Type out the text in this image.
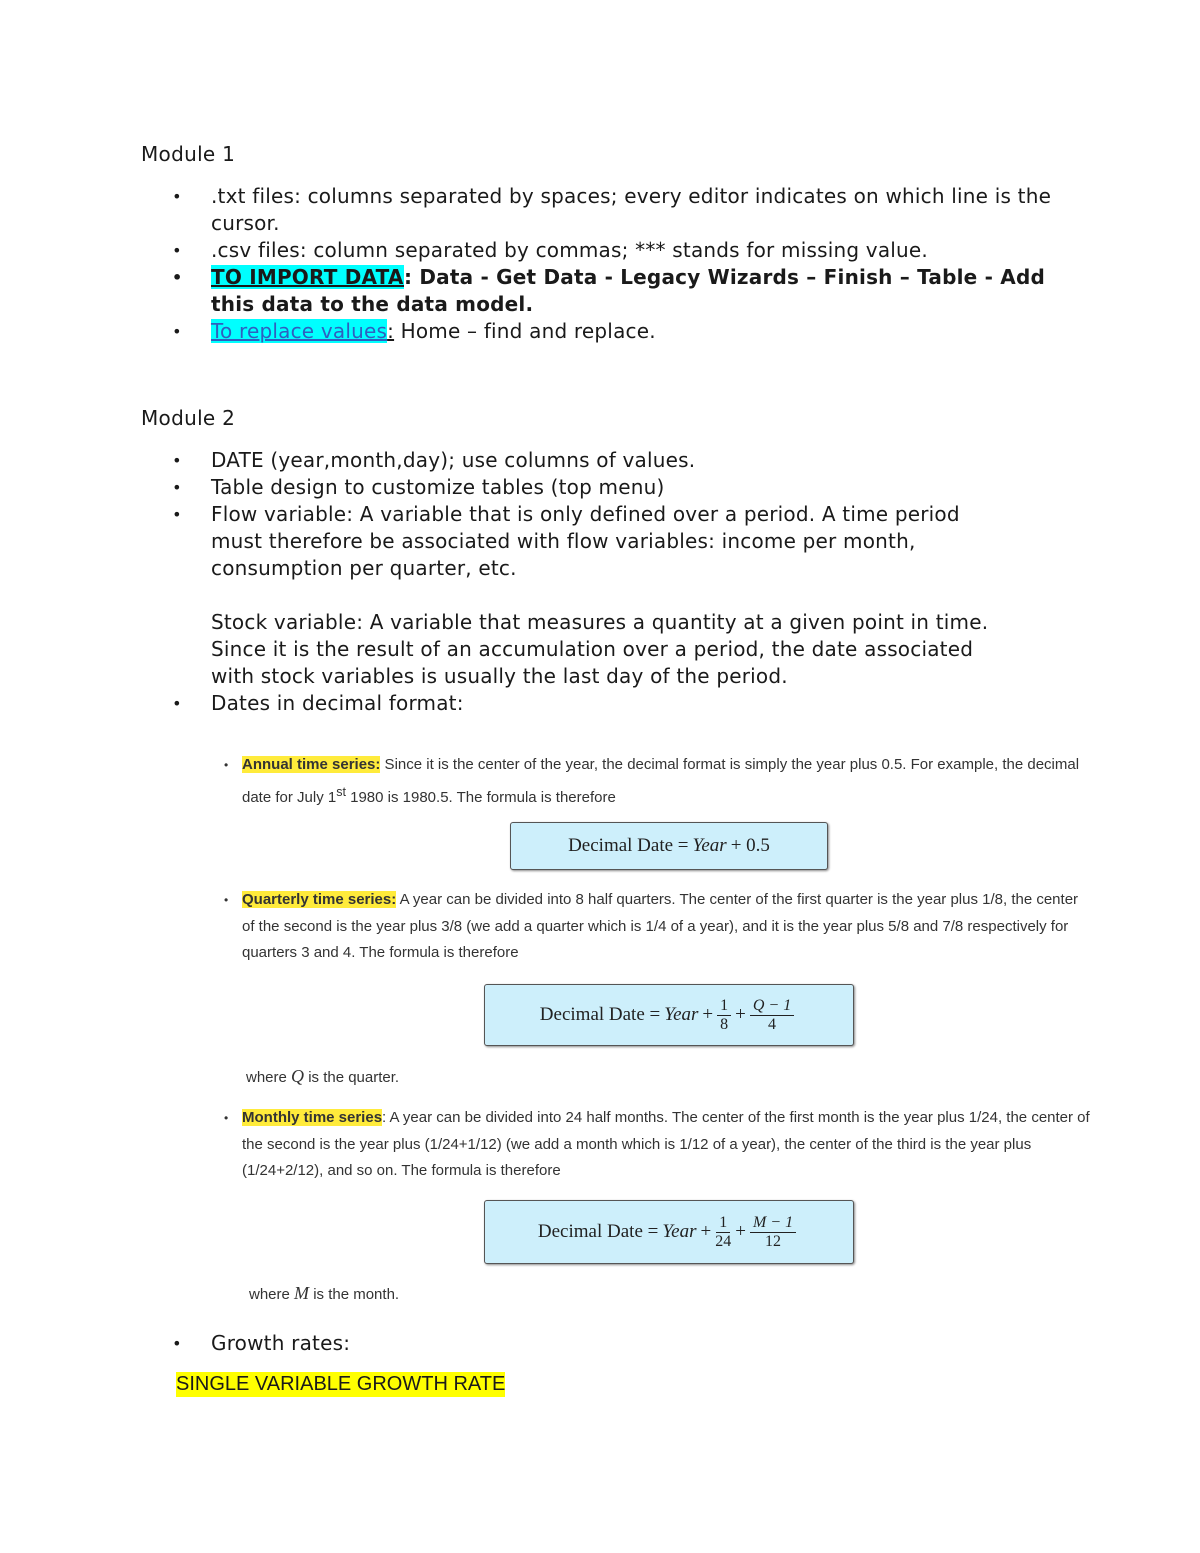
Module 1
• .txt files: columns separated by spaces; every editor indicates on which line is the cursor.
• .csv files: column separated by commas; *** stands for missing value.
• TO IMPORT DATA: Data - Get Data - Legacy Wizards – Finish – Table - Add this data to the data model.
• To replace values: Home – find and replace.
Module 2
• DATE (year,month,day); use columns of values.
• Table design to customize tables (top menu)
• Flow variable: A variable that is only defined over a period. A time period must therefore be associated with flow variables: income per month, consumption per quarter, etc.
Stock variable: A variable that measures a quantity at a given point in time. Since it is the result of an accumulation over a period, the date associated with stock variables is usually the last day of the period.
• Dates in decimal format:
• Annual time series: Since it is the center of the year, the decimal format is simply the year plus 0.5. For example, the decimal date for July 1st 1980 is 1980.5. The formula is therefore
Decimal Date = Year + 0.5
• Quarterly time series: A year can be divided into 8 half quarters. The center of the first quarter is the year plus 1/8, the center of the second is the year plus 3/8 (we add a quarter which is 1/4 of a year), and it is the year plus 5/8 and 7/8 respectively for quarters 3 and 4. The formula is therefore
Decimal Date = Year + $\frac{1}{8} + \frac{Q - 1}{4}$
where Q is the quarter.
• Monthly time series: A year can be divided into 24 half months. The center of the first month is the year plus 1/24, the center of the second is the year plus (1/24+1/12) (we add a month which is 1/12 of a year), the center of the third is the year plus (1/24+2/12), and so on. The formula is therefore
Decimal Date = Year + $\frac{1}{24} + \frac{M - 1}{12}$
where M is the month.
• Growth rates:
SINGLE VARIABLE GROWTH RATE
